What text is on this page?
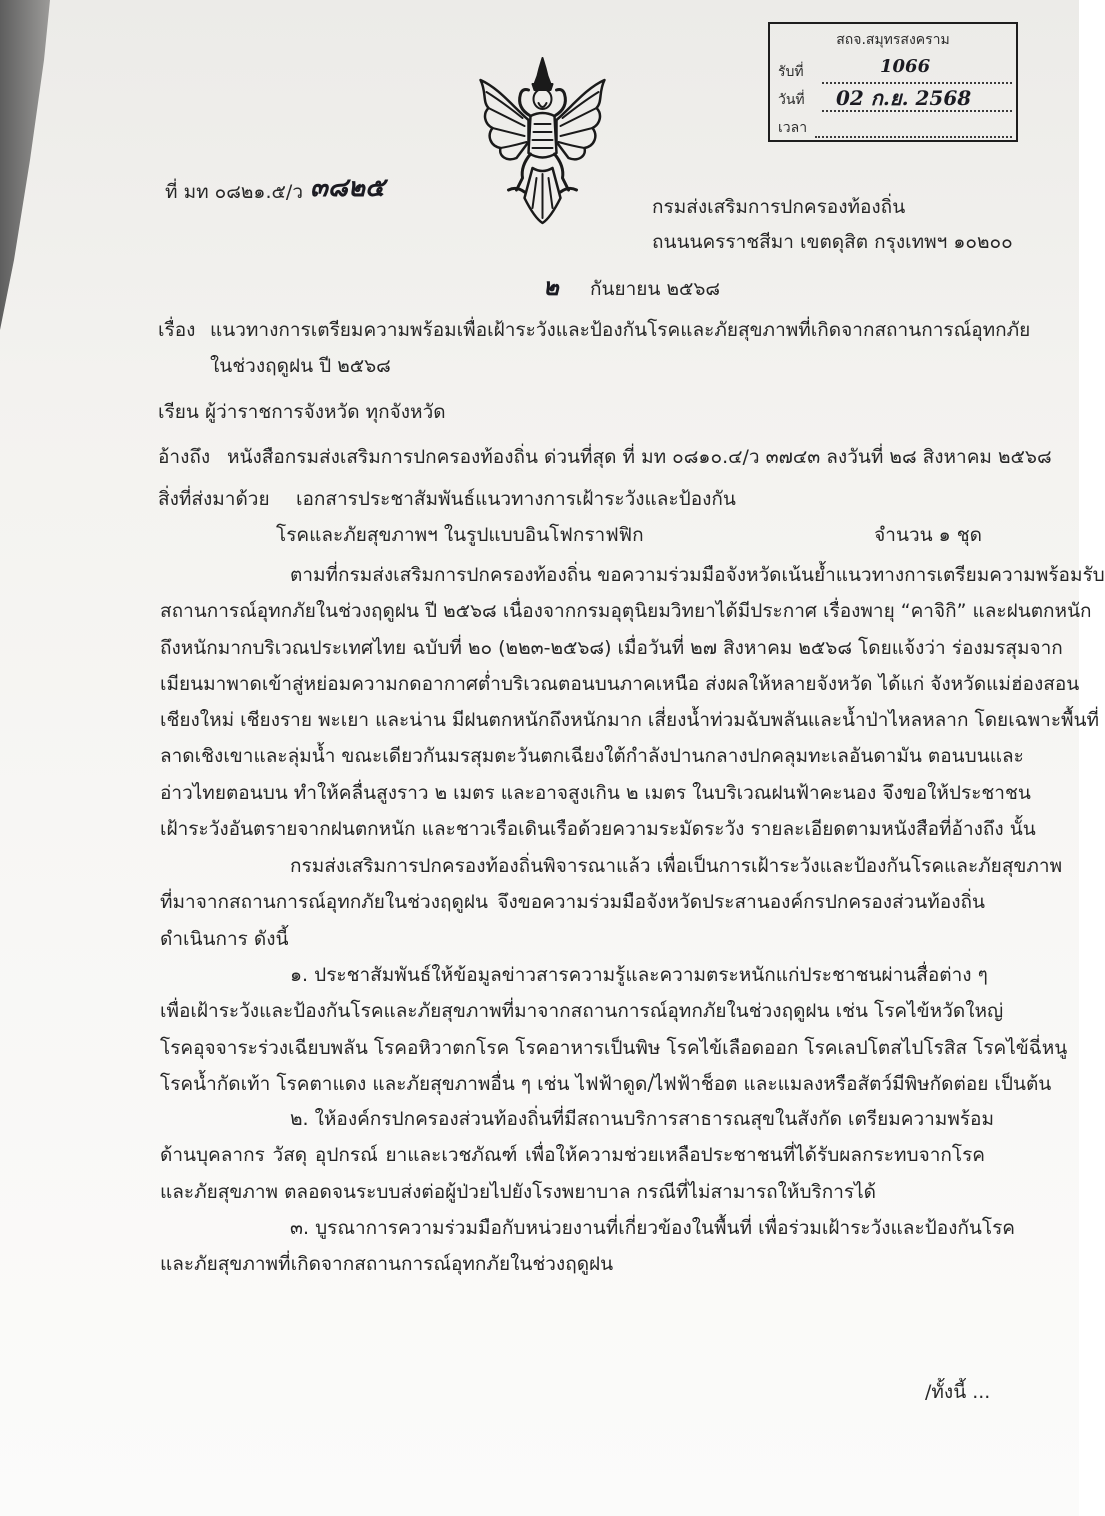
สถจ.สมุทรสงคราม
รับที่	1066
วันที่ 02 ก.ย. 2568
เวลา
ที่ มท ๐๘๒๑.๕/ว ๓๘๒๕
กรมส่งเสริมการปกครองท้องถิ่น
ถนนนครราชสีมา เขตดุสิต กรุงเทพฯ ๑๐๒๐๐
๒ กันยายน ๒๕๖๘
เรื่อง แนวทางการเตรียมความพร้อมเพื่อเฝ้าระวังและป้องกันโรคและภัยสุขภาพที่เกิดจากสถานการณ์อุทกภัย
ในช่วงฤดูฝน ปี ๒๕๖๘
เรียน ผู้ว่าราชการจังหวัด ทุกจังหวัด
อ้างถึง หนังสือกรมส่งเสริมการปกครองท้องถิ่น ด่วนที่สุด ที่ มท ๐๘๑๐.๔/ว ๓๗๔๓ ลงวันที่ ๒๘ สิงหาคม ๒๕๖๘
สิ่งที่ส่งมาด้วย เอกสารประชาสัมพันธ์แนวทางการเฝ้าระวังและป้องกัน
โรคและภัยสุขภาพฯ ในรูปแบบอินโฟกราฟฟิก	จำนวน ๑ ชุด
ตามที่กรมส่งเสริมการปกครองท้องถิ่น ขอความร่วมมือจังหวัดเน้นย้ำแนวทางการเตรียมความพร้อมรับ
สถานการณ์อุทกภัยในช่วงฤดูฝน ปี ๒๕๖๘ เนื่องจากกรมอุตุนิยมวิทยาได้มีประกาศ เรื่องพายุ “คาจิกิ” และฝนตกหนัก
ถึงหนักมากบริเวณประเทศไทย ฉบับที่ ๒๐ (๒๒๓-๒๕๖๘) เมื่อวันที่ ๒๗ สิงหาคม ๒๕๖๘ โดยแจ้งว่า ร่องมรสุมจาก
เมียนมาพาดเข้าสู่หย่อมความกดอากาศต่ำบริเวณตอนบนภาคเหนือ ส่งผลให้หลายจังหวัด ได้แก่ จังหวัดแม่ฮ่องสอน
เชียงใหม่ เชียงราย พะเยา และน่าน มีฝนตกหนักถึงหนักมาก เสี่ยงน้ำท่วมฉับพลันและน้ำป่าไหลหลาก โดยเฉพาะพื้นที่
ลาดเชิงเขาและลุ่มน้ำ ขณะเดียวกันมรสุมตะวันตกเฉียงใต้กำลังปานกลางปกคลุมทะเลอันดามัน ตอนบนและ
อ่าวไทยตอนบน ทำให้คลื่นสูงราว ๒ เมตร และอาจสูงเกิน ๒ เมตร ในบริเวณฝนฟ้าคะนอง จึงขอให้ประชาชน
เฝ้าระวังอันตรายจากฝนตกหนัก และชาวเรือเดินเรือด้วยความระมัดระวัง รายละเอียดตามหนังสือที่อ้างถึง นั้น
กรมส่งเสริมการปกครองท้องถิ่นพิจารณาแล้ว เพื่อเป็นการเฝ้าระวังและป้องกันโรคและภัยสุขภาพ
ที่มาจากสถานการณ์อุทกภัยในช่วงฤดูฝน จึงขอความร่วมมือจังหวัดประสานองค์กรปกครองส่วนท้องถิ่น
ดำเนินการ ดังนี้
๑. ประชาสัมพันธ์ให้ข้อมูลข่าวสารความรู้และความตระหนักแก่ประชาชนผ่านสื่อต่าง ๆ
เพื่อเฝ้าระวังและป้องกันโรคและภัยสุขภาพที่มาจากสถานการณ์อุทกภัยในช่วงฤดูฝน เช่น โรคไข้หวัดใหญ่
โรคอุจจาระร่วงเฉียบพลัน โรคอหิวาตกโรค โรคอาหารเป็นพิษ โรคไข้เลือดออก โรคเลปโตสไปโรสิส โรคไข้ฉี่หนู
โรคน้ำกัดเท้า โรคตาแดง และภัยสุขภาพอื่น ๆ เช่น ไฟฟ้าดูด/ไฟฟ้าช็อต และแมลงหรือสัตว์มีพิษกัดต่อย เป็นต้น
๒. ให้องค์กรปกครองส่วนท้องถิ่นที่มีสถานบริการสาธารณสุขในสังกัด เตรียมความพร้อม
ด้านบุคลากร วัสดุ อุปกรณ์ ยาและเวชภัณฑ์ เพื่อให้ความช่วยเหลือประชาชนที่ได้รับผลกระทบจากโรค
และภัยสุขภาพ ตลอดจนระบบส่งต่อผู้ป่วยไปยังโรงพยาบาล กรณีที่ไม่สามารถให้บริการได้
๓. บูรณาการความร่วมมือกับหน่วยงานที่เกี่ยวข้องในพื้นที่ เพื่อร่วมเฝ้าระวังและป้องกันโรค
และภัยสุขภาพที่เกิดจากสถานการณ์อุทกภัยในช่วงฤดูฝน
/ทั้งนี้ ...
